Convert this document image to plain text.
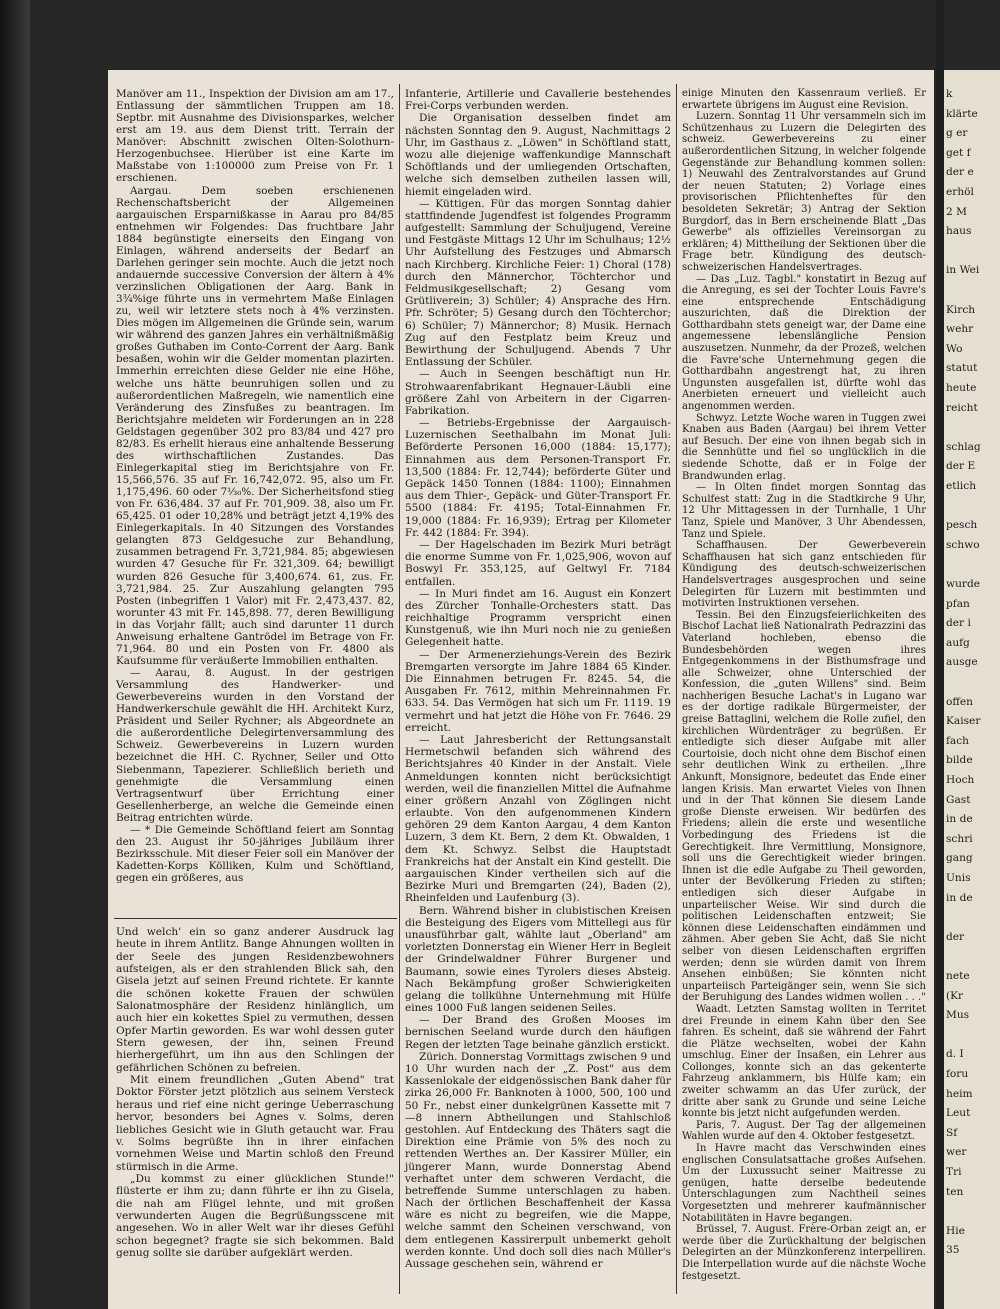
Manöver am 11., Inspektion der Division am am 17., Entlassung der sämmtlichen Truppen am 18. Septbr. mit Ausnahme des Divisionsparkes, welcher erst am 19. aus dem Dienst tritt. Terrain der Manöver: Abschnitt zwischen Olten-Solothurn-Herzogenbuchsee. Hierüber ist eine Karte im Maßstabe von 1:100000 zum Preise von Fr. 1 erschienen.

Aargau. Dem soeben erschienenen Rechenschaftsbericht der Allgemeinen aargauischen Ersparnißkasse in Aarau pro 84/85 entnehmen wir Folgendes: Das fruchtbare Jahr 1884 begünstigte einerseits den Eingang von Einlagen, während anderseits der Bedarf an Darlehen geringer sein mochte. Auch die jetzt noch andauernde successive Conversion der ältern à 4% verzinslichen Obligationen der Aarg. Bank in 3¾%ige führte uns in vermehrtem Maße Einlagen zu, weil wir letztere stets noch à 4% verzinsten. Dies mögen im Allgemeinen die Gründe sein, warum wir während des ganzen Jahres ein verhältnißmäßig großes Guthaben im Conto-Corrent der Aarg. Bank besaßen, wohin wir die Gelder momentan plazirten. Immerhin erreichten diese Gelder nie eine Höhe, welche uns hätte beunruhigen sollen und zu außerordentlichen Maßregeln, wie namentlich eine Veränderung des Zinsfußes zu beantragen. Im Berichtsjahre meldeten wir Forderungen an in 228 Geldstagen gegenüber 302 pro 83/84 und 427 pro 82/83. Es erhellt hieraus eine anhaltende Besserung des wirthschaftlichen Zustandes. Das Einlegerkapital stieg im Berichtsjahre von Fr. 15,566,576. 35 auf Fr. 16,742,072. 95, also um Fr. 1,175,496. 60 oder 7⅓₀%. Der Sicherheitsfond stieg von Fr. 636,484. 37 auf Fr. 701,909. 38, also um Fr. 65,425. 01 oder 10,28% und beträgt jetzt 4,19% des Einlegerkapitals. In 40 Sitzungen des Vorstandes gelangten 873 Geldgesuche zur Behandlung, zusammen betragend Fr. 3,721,984. 85; abgewiesen wurden 47 Gesuche für Fr. 321,309. 64; bewilligt wurden 826 Gesuche für 3,400,674. 61, zus. Fr. 3,721,984. 25. Zur Auszahlung gelangten 795 Posten (inbegriffen 1 Valor) mit Fr. 2,473,437. 82, worunter 43 mit Fr. 145,898. 77, deren Bewilligung in das Vorjahr fällt; auch sind darunter 11 durch Anweisung erhaltene Gantrödel im Betrage von Fr. 71,964. 80 und ein Posten von Fr. 4800 als Kaufsumme für veräußerte Immobilien enthalten.

— Aarau, 8. August. In der gestrigen Versammlung des Handwerker- und Gewerbevereins wurden in den Vorstand der Handwerkerschule gewählt die HH. Architekt Kurz, Präsident und Seiler Rychner; als Abgeordnete an die außerordentliche Delegirtenversammlung des Schweiz. Gewerbevereins in Luzern wurden bezeichnet die HH. C. Rychner, Seiler und Otto Siebenmann, Tapezierer. Schließlich berieth und genehmigte die Versammlung einen Vertragsentwurf über Errichtung einer Gesellenherberge, an welche die Gemeinde einen Beitrag entrichten würde.

— * Die Gemeinde Schöftland feiert am Sonntag den 23. August ihr 50-jähriges Jubiläum ihrer Bezirksschule. Mit dieser Feier soll ein Manöver der Kadetten-Korps Kölliken, Kulm und Schöftland, gegen ein größeres, aus

Und welch' ein so ganz anderer Ausdruck lag heute in ihrem Antlitz. Bange Ahnungen wollten in der Seele des jungen Residenzbewohners aufsteigen, als er den strahlenden Blick sah, den Gisela jetzt auf seinen Freund richtete. Er kannte die schönen kokette Frauen der schwülen Salonatmosphäre der Residenz hinlänglich, um auch hier ein kokettes Spiel zu vermuthen, dessen Opfer Martin geworden. Es war wohl dessen guter Stern gewesen, der ihn, seinen Freund hierhergeführt, um ihn aus den Schlingen der gefährlichen Schönen zu befreien.

Mit einem freundlichen „Guten Abend" trat Doktor Förster jetzt plötzlich aus seinem Versteck heraus und rief eine nicht geringe Ueberraschung hervor, besonders bei Agnes v. Solms, deren liebliches Gesicht wie in Gluth getaucht war. Frau v. Solms begrüßte ihn in ihrer einfachen vornehmen Weise und Martin schloß den Freund stürmisch in die Arme.

„Du kommst zu einer glücklichen Stunde!" flüsterte er ihm zu; dann führte er ihn zu Gisela, die nah am Flügel lehnte, und mit großen verwunderten Augen die Begrüßungsscene mit angesehen. Wo in aller Welt war ihr dieses Gefühl schon begegnet? fragte sie sich bekommen. Bald genug sollte sie darüber aufgeklärt werden.

Infanterie, Artillerie und Cavallerie bestehendes Frei-Corps verbunden werden.

Die Organisation desselben findet am nächsten Sonntag den 9. August, Nachmittags 2 Uhr, im Gasthaus z. „Löwen" in Schöftland statt, wozu alle diejenige waffenkundige Mannschaft Schöftlands und der umliegenden Ortschaften, welche sich demselben zutheilen lassen will, hiemit eingeladen wird.

— Küttigen. Für das morgen Sonntag dahier stattfindende Jugendfest ist folgendes Programm aufgestellt: Sammlung der Schuljugend, Vereine und Festgäste Mittags 12 Uhr im Schulhaus; 12½ Uhr Aufstellung des Festzuges und Abmarsch nach Kirchberg. Kirchliche Feier: 1) Choral (178) durch den Männerchor, Töchterchor und Feldmusikgesellschaft; 2) Gesang vom Grütliverein; 3) Schüler; 4) Ansprache des Hrn. Pfr. Schröter; 5) Gesang durch den Töchterchor; 6) Schüler; 7) Männerchor; 8) Musik. Hernach Zug auf den Festplatz beim Kreuz und Bewirthung der Schuljugend. Abends 7 Uhr Entlassung der Schüler.

— Auch in Seengen beschäftigt nun Hr. Strohwaarenfabrikant Hegnauer-Läubli eine größere Zahl von Arbeitern in der Cigarren-Fabrikation.

— Betriebs-Ergebnisse der Aargauisch-Luzernischen Seethalbahn im Monat Juli: Beförderte Personen 16,000 (1884: 15,177); Einnahmen aus dem Personen-Transport Fr. 13,500 (1884: Fr. 12,744); beförderte Güter und Gepäck 1450 Tonnen (1884: 1100); Einnahmen aus dem Thier-, Gepäck- und Güter-Transport Fr. 5500 (1884: Fr. 4195; Total-Einnahmen Fr. 19,000 (1884: Fr. 16,939); Ertrag per Kilometer Fr. 442 (1884: Fr. 394).

— Der Hagelschaden im Bezirk Muri beträgt die enorme Summe von Fr. 1,025,906, wovon auf Boswyl Fr. 353,125, auf Geltwyl Fr. 7184 entfallen.

— In Muri findet am 16. August ein Konzert des Zürcher Tonhalle-Orchesters statt. Das reichhaltige Programm verspricht einen Kunstgenuß, wie ihn Muri noch nie zu genießen Gelegenheit hatte.

— Der Armenerziehungs-Verein des Bezirk Bremgarten versorgte im Jahre 1884 65 Kinder. Die Einnahmen betrugen Fr. 8245. 54, die Ausgaben Fr. 7612, mithin Mehreinnahmen Fr. 633. 54. Das Vermögen hat sich um Fr. 1119. 19 vermehrt und hat jetzt die Höhe von Fr. 7646. 29 erreicht.

— Laut Jahresbericht der Rettungsanstalt Hermetschwil befanden sich während des Berichtsjahres 40 Kinder in der Anstalt. Viele Anmeldungen konnten nicht berücksichtigt werden, weil die finanziellen Mittel die Aufnahme einer größern Anzahl von Zöglingen nicht erlaubte. Von den aufgenommenen Kindern gehören 29 dem Kanton Aargau, 4 dem Kanton Luzern, 3 dem Kt. Bern, 2 dem Kt. Obwalden, 1 dem Kt. Schwyz. Selbst die Hauptstadt Frankreichs hat der Anstalt ein Kind gestellt. Die aargauischen Kinder vertheilen sich auf die Bezirke Muri und Bremgarten (24), Baden (2), Rheinfelden und Laufenburg (3).

Bern. Während bisher in clubistischen Kreisen die Besteigung des Eigers vom Mittellegi aus für unausführbar galt, wählte laut „Oberland" am vorletzten Donnerstag ein Wiener Herr in Begleit der Grindelwaldner Führer Burgener und Baumann, sowie eines Tyrolers dieses Absteig. Nach Bekämpfung großer Schwierigkeiten gelang die tollkühne Unternehmung mit Hülfe eines 1000 Fuß langen seidenen Seiles.

— Der Brand des Großen Mooses im bernischen Seeland wurde durch den häufigen Regen der letzten Tage beinahe gänzlich erstickt.

Zürich. Donnerstag Vormittags zwischen 9 und 10 Uhr wurden nach der „Z. Post" aus dem Kassenlokale der eidgenössischen Bank daher für zirka 26,000 Fr. Banknoten à 1000, 500, 100 und 50 Fr., nebst einer dunkelgrünen Kassette mit 7—8 innern Abtheilungen und Stahlschloß gestohlen. Auf Entdeckung des Thäters sagt die Direktion eine Prämie von 5% des noch zu rettenden Werthes an. Der Kassirer Müller, ein jüngerer Mann, wurde Donnerstag Abend verhaftet unter dem schweren Verdacht, die betreffende Summe unterschlagen zu haben. Nach der örtlichen Beschaffenheit der Kassa wäre es nicht zu begreifen, wie die Mappe, welche sammt den Scheinen verschwand, von dem entlegenen Kassirerpult unbemerkt geholt werden konnte. Und doch soll dies nach Müller's Aussage geschehen sein, während er

einige Minuten den Kassenraum verließ. Er erwartete übrigens im August eine Revision.

Luzern. Sonntag 11 Uhr versammeln sich im Schützenhaus zu Luzern die Delegirten des schweiz. Gewerbevereins zu einer außerordentlichen Sitzung, in welcher folgende Gegenstände zur Behandlung kommen sollen: 1) Neuwahl des Zentralvorstandes auf Grund der neuen Statuten; 2) Vorlage eines provisorischen Pflichtenheftes für den besoldeten Sekretär; 3) Antrag der Sektion Burgdorf, das in Bern erscheinende Blatt „Das Gewerbe" als offizielles Vereinsorgan zu erklären; 4) Mittheilung der Sektionen über die Frage betr. Kündigung des deutsch-schweizerischen Handelsvertrages.

— Das „Luz. Tagbl." konstatirt in Bezug auf die Anregung, es sei der Tochter Louis Favre's eine entsprechende Entschädigung auszurichten, daß die Direktion der Gotthardbahn stets geneigt war, der Dame eine angemessene lebenslängliche Pension auszusetzen. Nunmehr, da der Prozeß, welchen die Favre'sche Unternehmung gegen die Gotthardbahn angestrengt hat, zu ihren Ungunsten ausgefallen ist, dürfte wohl das Anerbieten erneuert und vielleicht auch angenommen werden.

Schwyz. Letzte Woche waren in Tuggen zwei Knaben aus Baden (Aargau) bei ihrem Vetter auf Besuch. Der eine von ihnen begab sich in die Sennhütte und fiel so unglücklich in die siedende Schotte, daß er in Folge der Brandwunden erlag.

— In Olten findet morgen Sonntag das Schulfest statt: Zug in die Stadtkirche 9 Uhr, 12 Uhr Mittagessen in der Turnhalle, 1 Uhr Tanz, Spiele und Manöver, 3 Uhr Abendessen, Tanz und Spiele.

Schaffhausen. Der Gewerbeverein Schaffhausen hat sich ganz entschieden für Kündigung des deutsch-schweizerischen Handelsvertrages ausgesprochen und seine Delegirten für Luzern mit bestimmten und motivirten Instruktionen versehen.

Tessin. Bei den Einzugsfeierlichkeiten des Bischof Lachat ließ Nationalrath Pedrazzini das Vaterland hochleben, ebenso die Bundesbehörden wegen ihres Entgegenkommens in der Bisthumsfrage und alle Schweizer, ohne Unterschied der Konfession, die „guten Willens" sind. Beim nachherigen Besuche Lachat's in Lugano war es der dortige radikale Bürgermeister, der greise Battaglini, welchem die Rolle zufiel, den kirchlichen Würdenträger zu begrüßen. Er entledigte sich dieser Aufgabe mit aller Courtoisie, doch nicht ohne dem Bischof einen sehr deutlichen Wink zu ertheilen. „Ihre Ankunft, Monsignore, bedeutet das Ende einer langen Krisis. Man erwartet Vieles von Ihnen und in der That können Sie diesem Lande große Dienste erweisen. Wir bedürfen des Friedens; allein die erste und wesentliche Vorbedingung des Friedens ist die Gerechtigkeit. Ihre Vermittlung, Monsignore, soll uns die Gerechtigkeit wieder bringen. Ihnen ist die edle Aufgabe zu Theil geworden, unter der Bevölkerung Frieden zu stiften; entledigen sich dieser Aufgabe in unparteiischer Weise. Wir sind durch die politischen Leidenschaften entzweit; Sie können diese Leidenschaften eindämmen und zähmen. Aber geben Sie Acht, daß Sie nicht selber von diesen Leidenschaften ergriffen werden; denn sie würden damit von Ihrem Ansehen einbüßen; Sie könnten nicht unparteiisch Parteigänger sein, wenn Sie sich der Beruhigung des Landes widmen wollen . . ."

Waadt. Letzten Samstag wollten in Territet drei Freunde in einem Kahn über den See fahren. Es scheint, daß sie während der Fahrt die Plätze wechselten, wobei der Kahn umschlug. Einer der Insaßen, ein Lehrer aus Collonges, konnte sich an das gekenterte Fahrzeug anklammern, bis Hülfe kam; ein zweiter schwamm an das Ufer zurück, der dritte aber sank zu Grunde und seine Leiche konnte bis jetzt nicht aufgefunden werden.

Paris, 7. August. Der Tag der allgemeinen Wahlen wurde auf den 4. Oktober festgesetzt.

In Havre macht das Verschwinden eines englischen Consulatsattache großes Aufsehen. Um der Luxussucht seiner Maitresse zu genügen, hatte derselbe bedeutende Unterschlagungen zum Nachtheil seines Vorgesetzten und mehrerer kaufmännischer Notabilitäten in Havre begangen.

Brüssel, 7. August. Frère-Orban zeigt an, er werde über die Zurückhaltung der belgischen Delegirten an der Münzkonferenz interpelliren. Die Interpellation wurde auf die nächste Woche festgesetzt.

k
klärte
g er
get f
der e
erhöl
2 M
haus
in Wei
Kirch
wehr
Wo
statut
heute
reicht
schlag
der E
etlich
pesch
schwo
wurde
pfan
der i
aufg
ausge
offen
Kaiser
fach
bilde
Hoch
Gast
in de
schri
gang
Unis
in de
der
nete
(Kr
Mus
d. I
foru
heim
Leut
Sf
wer
Tri
ten
Hie
35
